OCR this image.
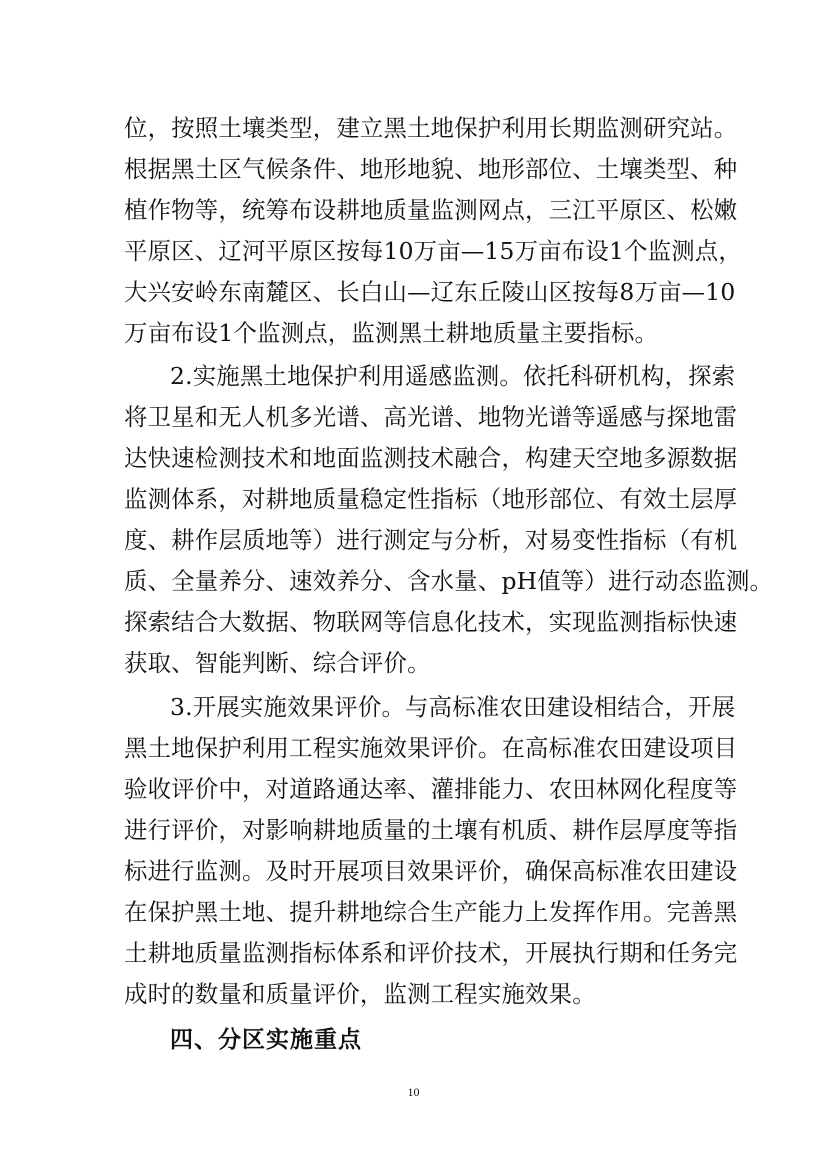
位，按照土壤类型，建立黑土地保护利用长期监测研究站。
根据黑土区气候条件、地形地貌、地形部位、土壤类型、种
植作物等，统筹布设耕地质量监测网点，三江平原区、松嫩
平原区、辽河平原区按每10万亩—15万亩布设1个监测点，
大兴安岭东南麓区、长白山—辽东丘陵山区按每8万亩—10
万亩布设1个监测点，监测黑土耕地质量主要指标。
2.实施黑土地保护利用遥感监测。依托科研机构，探索
将卫星和无人机多光谱、高光谱、地物光谱等遥感与探地雷
达快速检测技术和地面监测技术融合，构建天空地多源数据
监测体系，对耕地质量稳定性指标（地形部位、有效土层厚
度、耕作层质地等）进行测定与分析，对易变性指标（有机
质、全量养分、速效养分、含水量、pH值等）进行动态监测。
探索结合大数据、物联网等信息化技术，实现监测指标快速
获取、智能判断、综合评价。
3.开展实施效果评价。与高标准农田建设相结合，开展
黑土地保护利用工程实施效果评价。在高标准农田建设项目
验收评价中，对道路通达率、灌排能力、农田林网化程度等
进行评价，对影响耕地质量的土壤有机质、耕作层厚度等指
标进行监测。及时开展项目效果评价，确保高标准农田建设
在保护黑土地、提升耕地综合生产能力上发挥作用。完善黑
土耕地质量监测指标体系和评价技术，开展执行期和任务完
成时的数量和质量评价，监测工程实施效果。
四、分区实施重点
10
